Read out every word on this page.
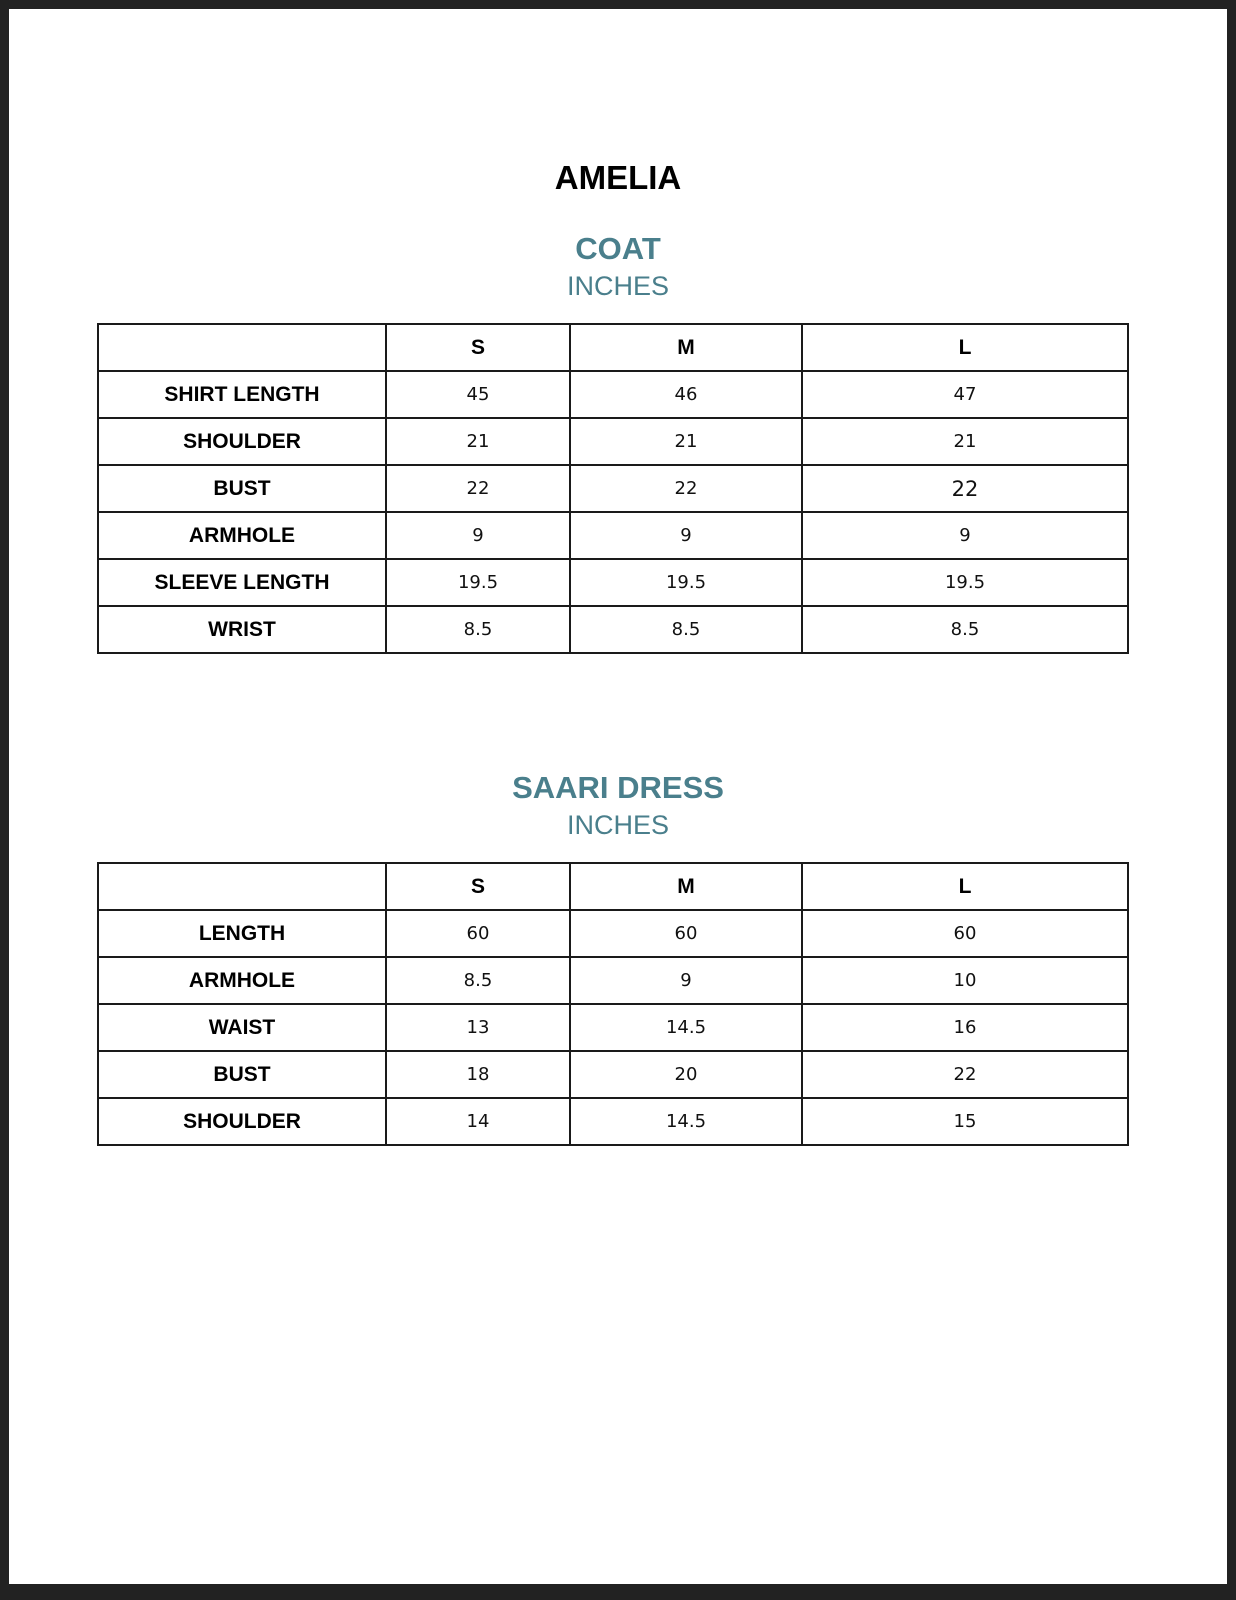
AMELIA
COAT
INCHES
	S	M	L
SHIRT LENGTH	45	46	47
SHOULDER	21	21	21
BUST	22	22	22
ARMHOLE	9	9	9
SLEEVE LENGTH	19.5	19.5	19.5
WRIST	8.5	8.5	8.5
SAARI DRESS
INCHES
	S	M	L
LENGTH	60	60	60
ARMHOLE	8.5	9	10
WAIST	13	14.5	16
BUST	18	20	22
SHOULDER	14	14.5	15
